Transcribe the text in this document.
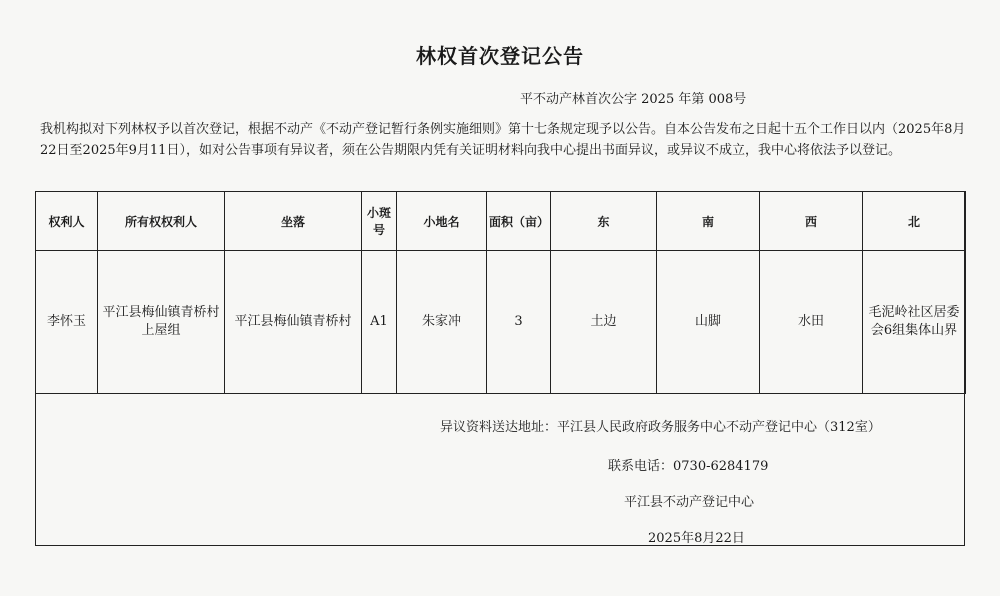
林权首次登记公告
平不动产林首次公字 2025 年第 008号
我机构拟对下列林权予以首次登记，根据不动产《不动产登记暂行条例实施细则》第十七条规定现予以公告。自本公告发布之日起十五个工作日以内（2025年8月22日至2025年9月11日），如对公告事项有异议者，须在公告期限内凭有关证明材料向我中心提出书面异议，或异议不成立，我中心将依法予以登记。
权利人	所有权权利人	坐落	小斑号	小地名	面积（亩）	东	南	西	北
李怀玉	平江县梅仙镇青桥村上屋组	平江县梅仙镇青桥村	A1	朱家冲	3	土边	山脚	水田	毛泥岭社区居委会6组集体山界
异议资料送达地址：平江县人民政府政务服务中心不动产登记中心（312室）
联系电话：0730-6284179
平江县不动产登记中心
2025年8月22日
